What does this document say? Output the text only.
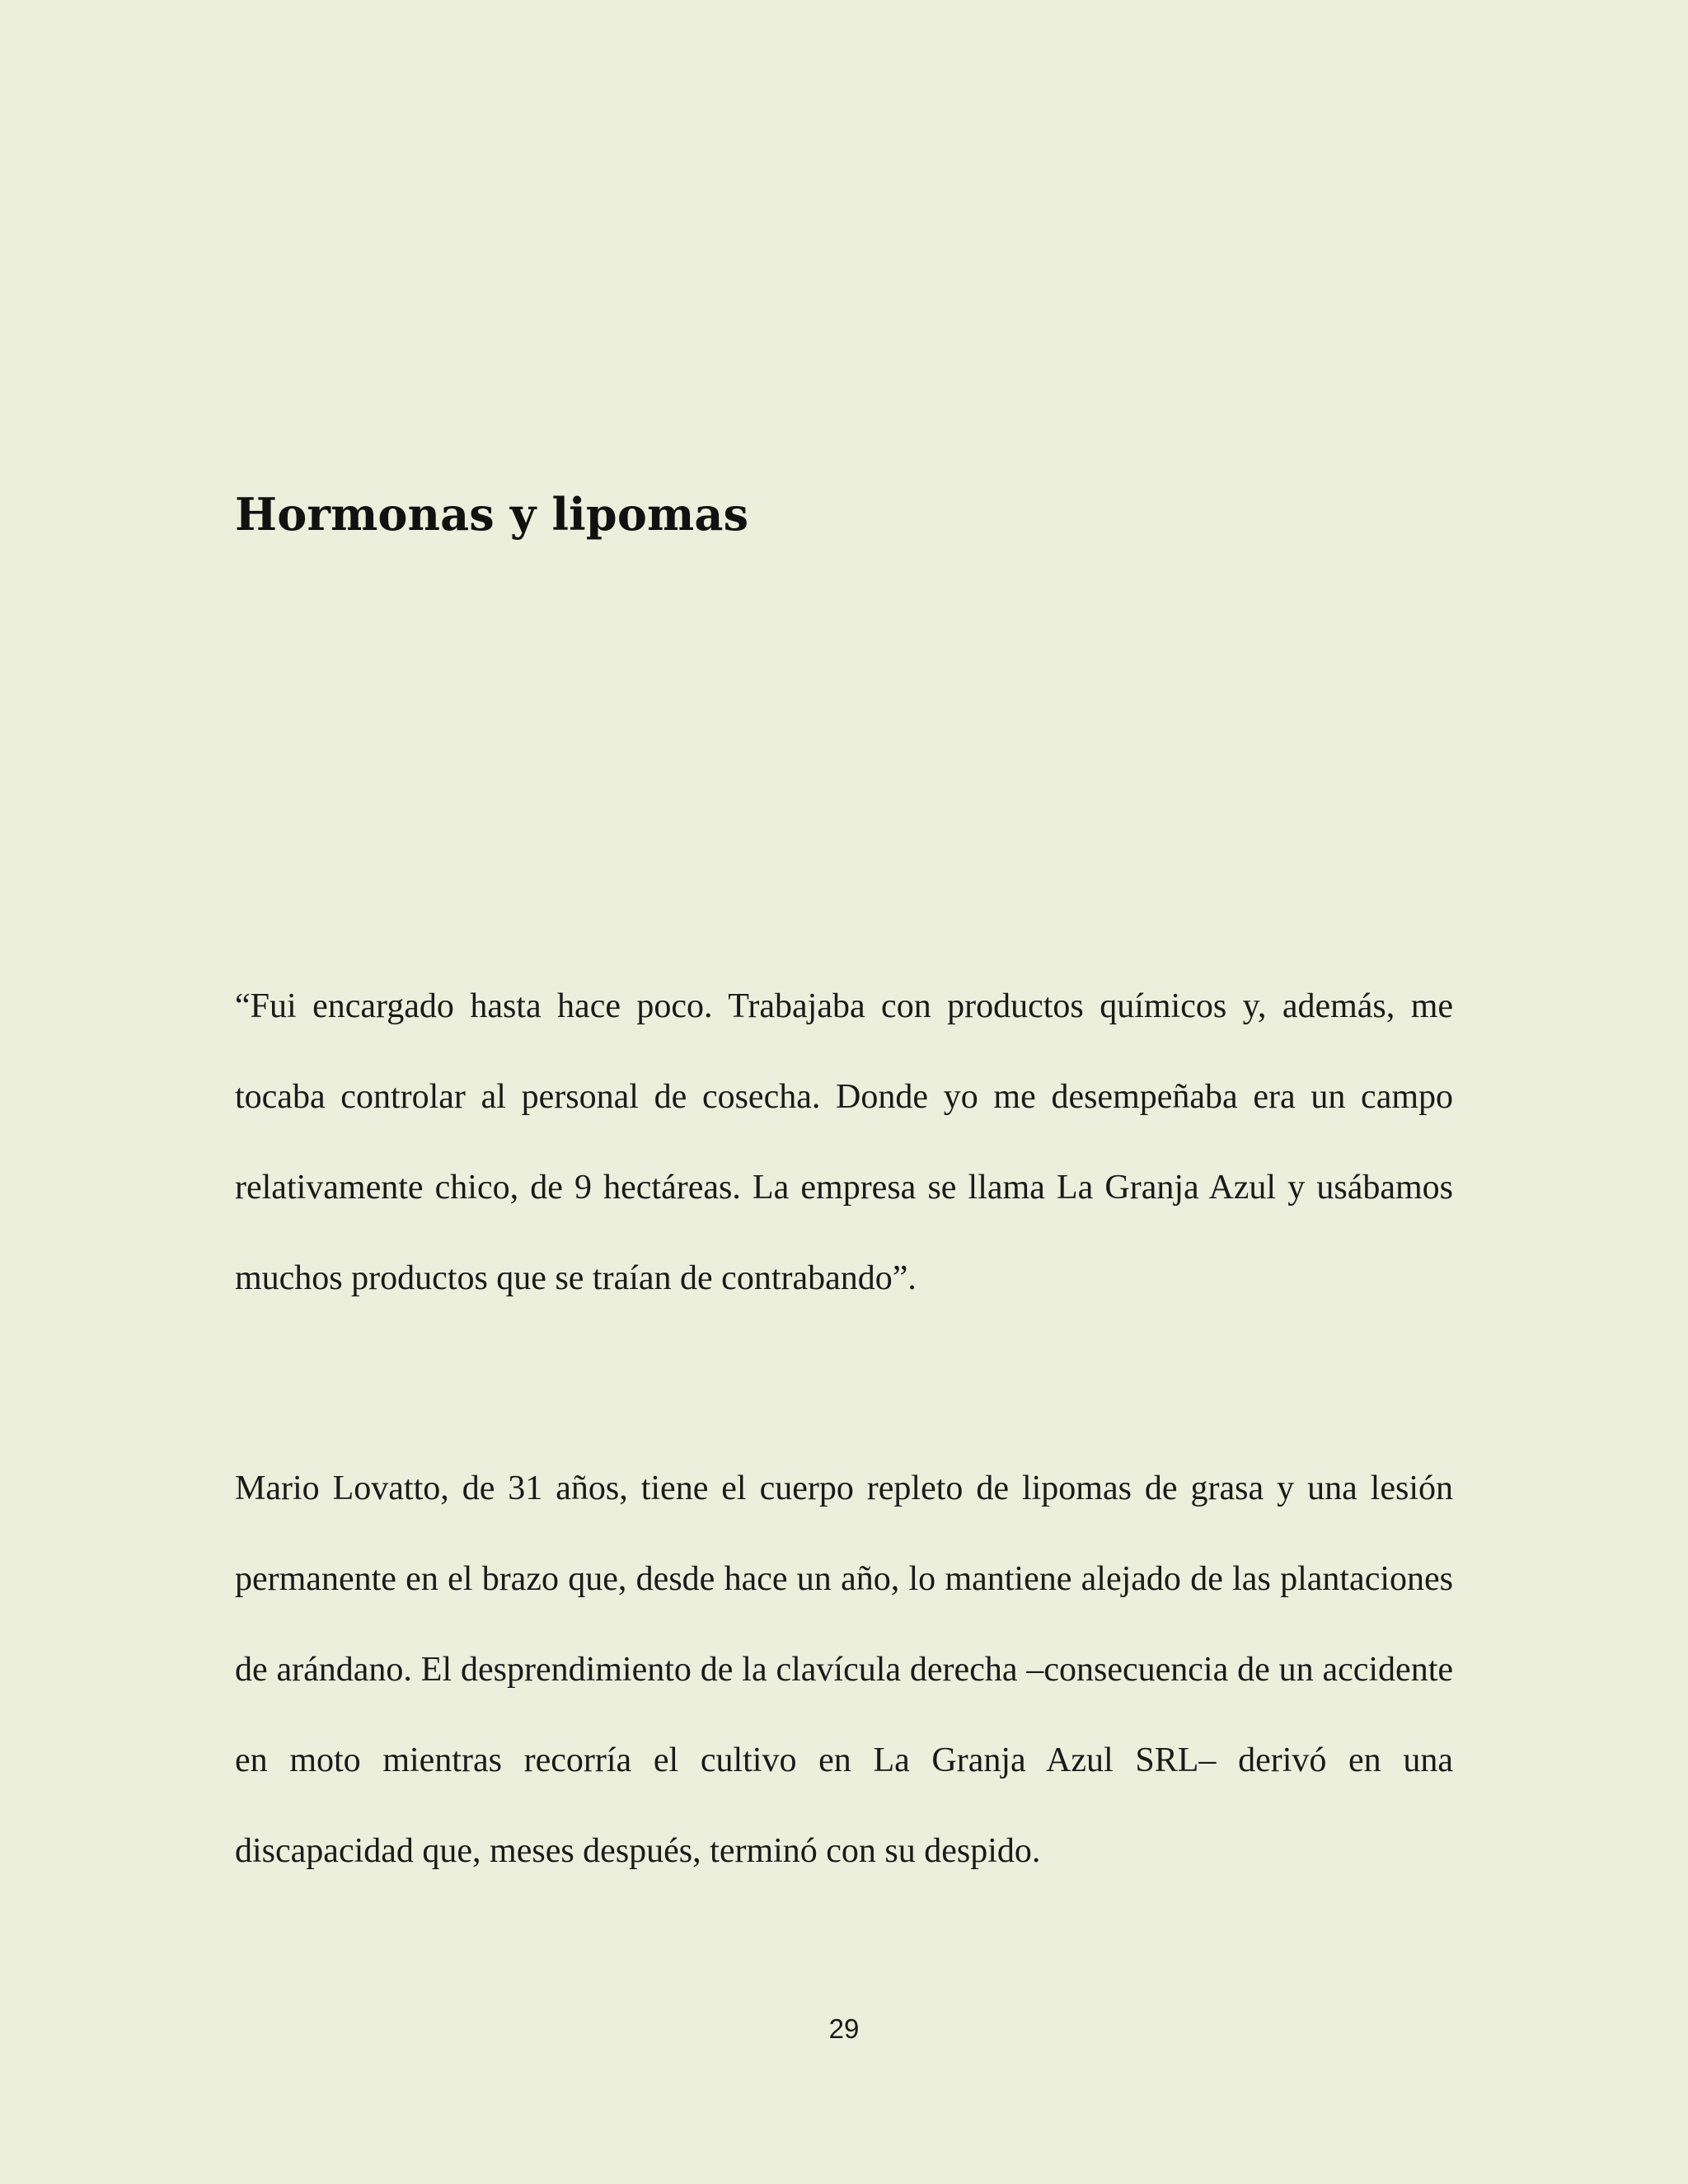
Hormonas y lipomas

“Fui encargado hasta hace poco. Trabajaba con productos químicos y, además, me tocaba controlar al personal de cosecha. Donde yo me desempeñaba era un campo relativamente chico, de 9 hectáreas. La empresa se llama La Granja Azul y usábamos muchos productos que se traían de contrabando”.

Mario Lovatto, de 31 años, tiene el cuerpo repleto de lipomas de grasa y una lesión permanente en el brazo que, desde hace un año, lo mantiene alejado de las plantaciones de arándano. El desprendimiento de la clavícula derecha –consecuencia de un accidente en moto mientras recorría el cultivo en La Granja Azul SRL– derivó en una discapacidad que, meses después, terminó con su despido.

29
